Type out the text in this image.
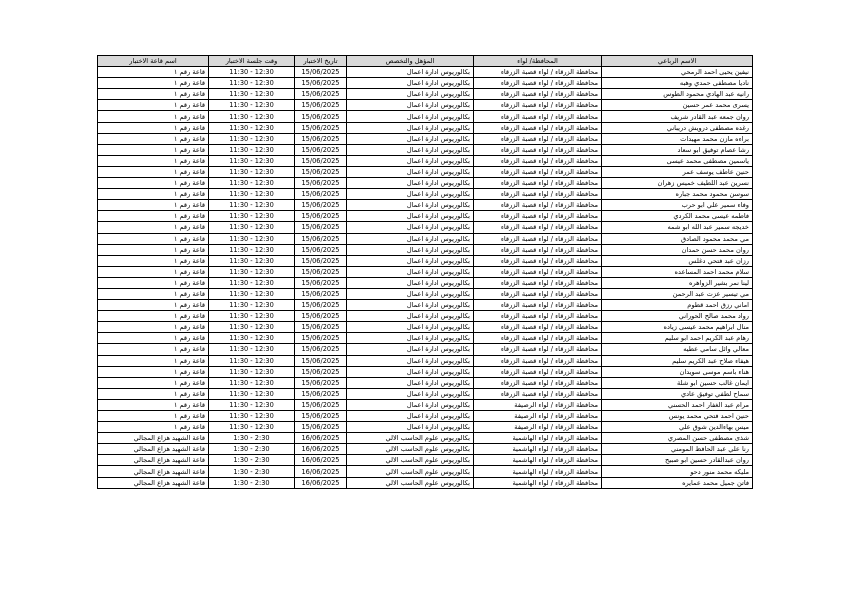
الاسم الرباعي	المحافظة/ لواء	المؤهل والتخصص	تاريخ الاختبار	وقت جلسة الاختبار	اسم قاعة الاختبار
نيفين يحيى احمد الرمحي	محافظة الزرقاء / لواء قصبة الزرقاء	بكالوريوس ادارة اعمال	15/06/2025	11:30 - 12:30	قاعة رقم ١
ناديا مصطفى حمدي وهبه	محافظة الزرقاء / لواء قصبة الزرقاء	بكالوريوس ادارة اعمال	15/06/2025	11:30 - 12:30	قاعة رقم ١
رانيه عبد الهادي محمود الطوس	محافظة الزرقاء / لواء قصبة الزرقاء	بكالوريوس ادارة اعمال	15/06/2025	11:30 - 12:30	قاعة رقم ١
يسرى محمد عمر حسين	محافظة الزرقاء / لواء قصبة الزرقاء	بكالوريوس ادارة اعمال	15/06/2025	11:30 - 12:30	قاعة رقم ١
روان جمعه عبد القادر شريف	محافظة الزرقاء / لواء قصبة الزرقاء	بكالوريوس ادارة اعمال	15/06/2025	11:30 - 12:30	قاعة رقم ١
رغده مصطفى درويش دريباني	محافظة الزرقاء / لواء قصبة الزرقاء	بكالوريوس ادارة اعمال	15/06/2025	11:30 - 12:30	قاعة رقم ١
براءه مازن محمد مهيدات	محافظة الزرقاء / لواء قصبة الزرقاء	بكالوريوس ادارة اعمال	15/06/2025	11:30 - 12:30	قاعة رقم ١
رشا عصام توفيق ابو سعاد	محافظة الزرقاء / لواء قصبة الزرقاء	بكالوريوس ادارة اعمال	15/06/2025	11:30 - 12:30	قاعة رقم ١
ياسمين مصطفى محمد عيسى	محافظة الزرقاء / لواء قصبة الزرقاء	بكالوريوس ادارة اعمال	15/06/2025	11:30 - 12:30	قاعة رقم ١
حنين عاطف يوسف عمر	محافظة الزرقاء / لواء قصبة الزرقاء	بكالوريوس ادارة اعمال	15/06/2025	11:30 - 12:30	قاعة رقم ١
نسرين عبد اللطيف خميس زهران	محافظة الزرقاء / لواء قصبة الزرقاء	بكالوريوس ادارة اعمال	15/06/2025	11:30 - 12:30	قاعة رقم ١
سوسن محمود محمد جباره	محافظة الزرقاء / لواء قصبة الزرقاء	بكالوريوس ادارة اعمال	15/06/2025	11:30 - 12:30	قاعة رقم ١
وفاء سمير علي ابو حرب	محافظة الزرقاء / لواء قصبة الزرقاء	بكالوريوس ادارة اعمال	15/06/2025	11:30 - 12:30	قاعة رقم ١
فاطمه عيسى محمد الكردي	محافظة الزرقاء / لواء قصبة الزرقاء	بكالوريوس ادارة اعمال	15/06/2025	11:30 - 12:30	قاعة رقم ١
خديجه سمير عبد الله ابو شمه	محافظة الزرقاء / لواء قصبة الزرقاء	بكالوريوس ادارة اعمال	15/06/2025	11:30 - 12:30	قاعة رقم ١
مي محمد محمود الصادق	محافظة الزرقاء / لواء قصبة الزرقاء	بكالوريوس ادارة اعمال	15/06/2025	11:30 - 12:30	قاعة رقم ١
روان محمد حسن حمدان	محافظة الزرقاء / لواء قصبة الزرقاء	بكالوريوس ادارة اعمال	15/06/2025	11:30 - 12:30	قاعة رقم ١
رزان عبد فتحي دغلس	محافظة الزرقاء / لواء قصبة الزرقاء	بكالوريوس ادارة اعمال	15/06/2025	11:30 - 12:30	قاعة رقم ١
سلام محمد احمد المساعده	محافظة الزرقاء / لواء قصبة الزرقاء	بكالوريوس ادارة اعمال	15/06/2025	11:30 - 12:30	قاعة رقم ١
لينا نمر بشير الزواهره	محافظة الزرقاء / لواء قصبة الزرقاء	بكالوريوس ادارة اعمال	15/06/2025	11:30 - 12:30	قاعة رقم ١
مي تيسير عزت عبد الرحمن	محافظة الزرقاء / لواء قصبة الزرقاء	بكالوريوس ادارة اعمال	15/06/2025	11:30 - 12:30	قاعة رقم ١
اماني رزق احمد قطوم	محافظة الزرقاء / لواء قصبة الزرقاء	بكالوريوس ادارة اعمال	15/06/2025	11:30 - 12:30	قاعة رقم ١
رواد محمد صالح الحوراني	محافظة الزرقاء / لواء قصبة الزرقاء	بكالوريوس ادارة اعمال	15/06/2025	11:30 - 12:30	قاعة رقم ١
منال ابراهيم محمد عيسى زياده	محافظة الزرقاء / لواء قصبة الزرقاء	بكالوريوس ادارة اعمال	15/06/2025	11:30 - 12:30	قاعة رقم ١
رهام عبد الكريم احمد ابو سليم	محافظة الزرقاء / لواء قصبة الزرقاء	بكالوريوس ادارة اعمال	15/06/2025	11:30 - 12:30	قاعة رقم ١
معالي وائل سامي عطيه	محافظة الزرقاء / لواء قصبة الزرقاء	بكالوريوس ادارة اعمال	15/06/2025	11:30 - 12:30	قاعة رقم ١
هيفاء صلاح عبد الكريم سليم	محافظة الزرقاء / لواء قصبة الزرقاء	بكالوريوس ادارة اعمال	15/06/2025	11:30 - 12:30	قاعة رقم ١
هناء باسم موسى سويدان	محافظة الزرقاء / لواء قصبة الزرقاء	بكالوريوس ادارة اعمال	15/06/2025	11:30 - 12:30	قاعة رقم ١
ايمان غالب حسين ابو شلة	محافظة الزرقاء / لواء قصبة الزرقاء	بكالوريوس ادارة اعمال	15/06/2025	11:30 - 12:30	قاعة رقم ١
سماح لطفي توفيق عادي	محافظة الزرقاء / لواء قصبة الزرقاء	بكالوريوس ادارة اعمال	15/06/2025	11:30 - 12:30	قاعة رقم ١
مرام عبد الغفار احمد الحسني	محافظة الزرقاء / لواء الرصيفة	بكالوريوس ادارة اعمال	15/06/2025	11:30 - 12:30	قاعة رقم ١
حنين احمد فتحي محمد يونس	محافظة الزرقاء / لواء الرصيفة	بكالوريوس ادارة اعمال	15/06/2025	11:30 - 12:30	قاعة رقم ١
ميس بهاءالدين شوق علي	محافظة الزرقاء / لواء الرصيفة	بكالوريوس ادارة اعمال	15/06/2025	11:30 - 12:30	قاعة رقم ١
شذى مصطفى حسن المصري	محافظة الزرقاء / لواء الهاشمية	بكالوريوس علوم الحاسب الالي	16/06/2025	1:30 - 2:30	قاعة الشهيد هزاع المجالي
رنا علي عبد الحافظ المومني	محافظة الزرقاء / لواء الهاشمية	بكالوريوس علوم الحاسب الالي	16/06/2025	1:30 - 2:30	قاعة الشهيد هزاع المجالي
روان عبدالقادر حسين ابو صبيح	محافظة الزرقاء / لواء الهاشمية	بكالوريوس علوم الحاسب الالي	16/06/2025	1:30 - 2:30	قاعة الشهيد هزاع المجالي
مليكه محمد منور دحو	محافظة الزرقاء / لواء الهاشمية	بكالوريوس علوم الحاسب الالي	16/06/2025	1:30 - 2:30	قاعة الشهيد هزاع المجالي
فاتن جميل محمد عمايره	محافظة الزرقاء / لواء الهاشمية	بكالوريوس علوم الحاسب الالي	16/06/2025	1:30 - 2:30	قاعة الشهيد هزاع المجالي
